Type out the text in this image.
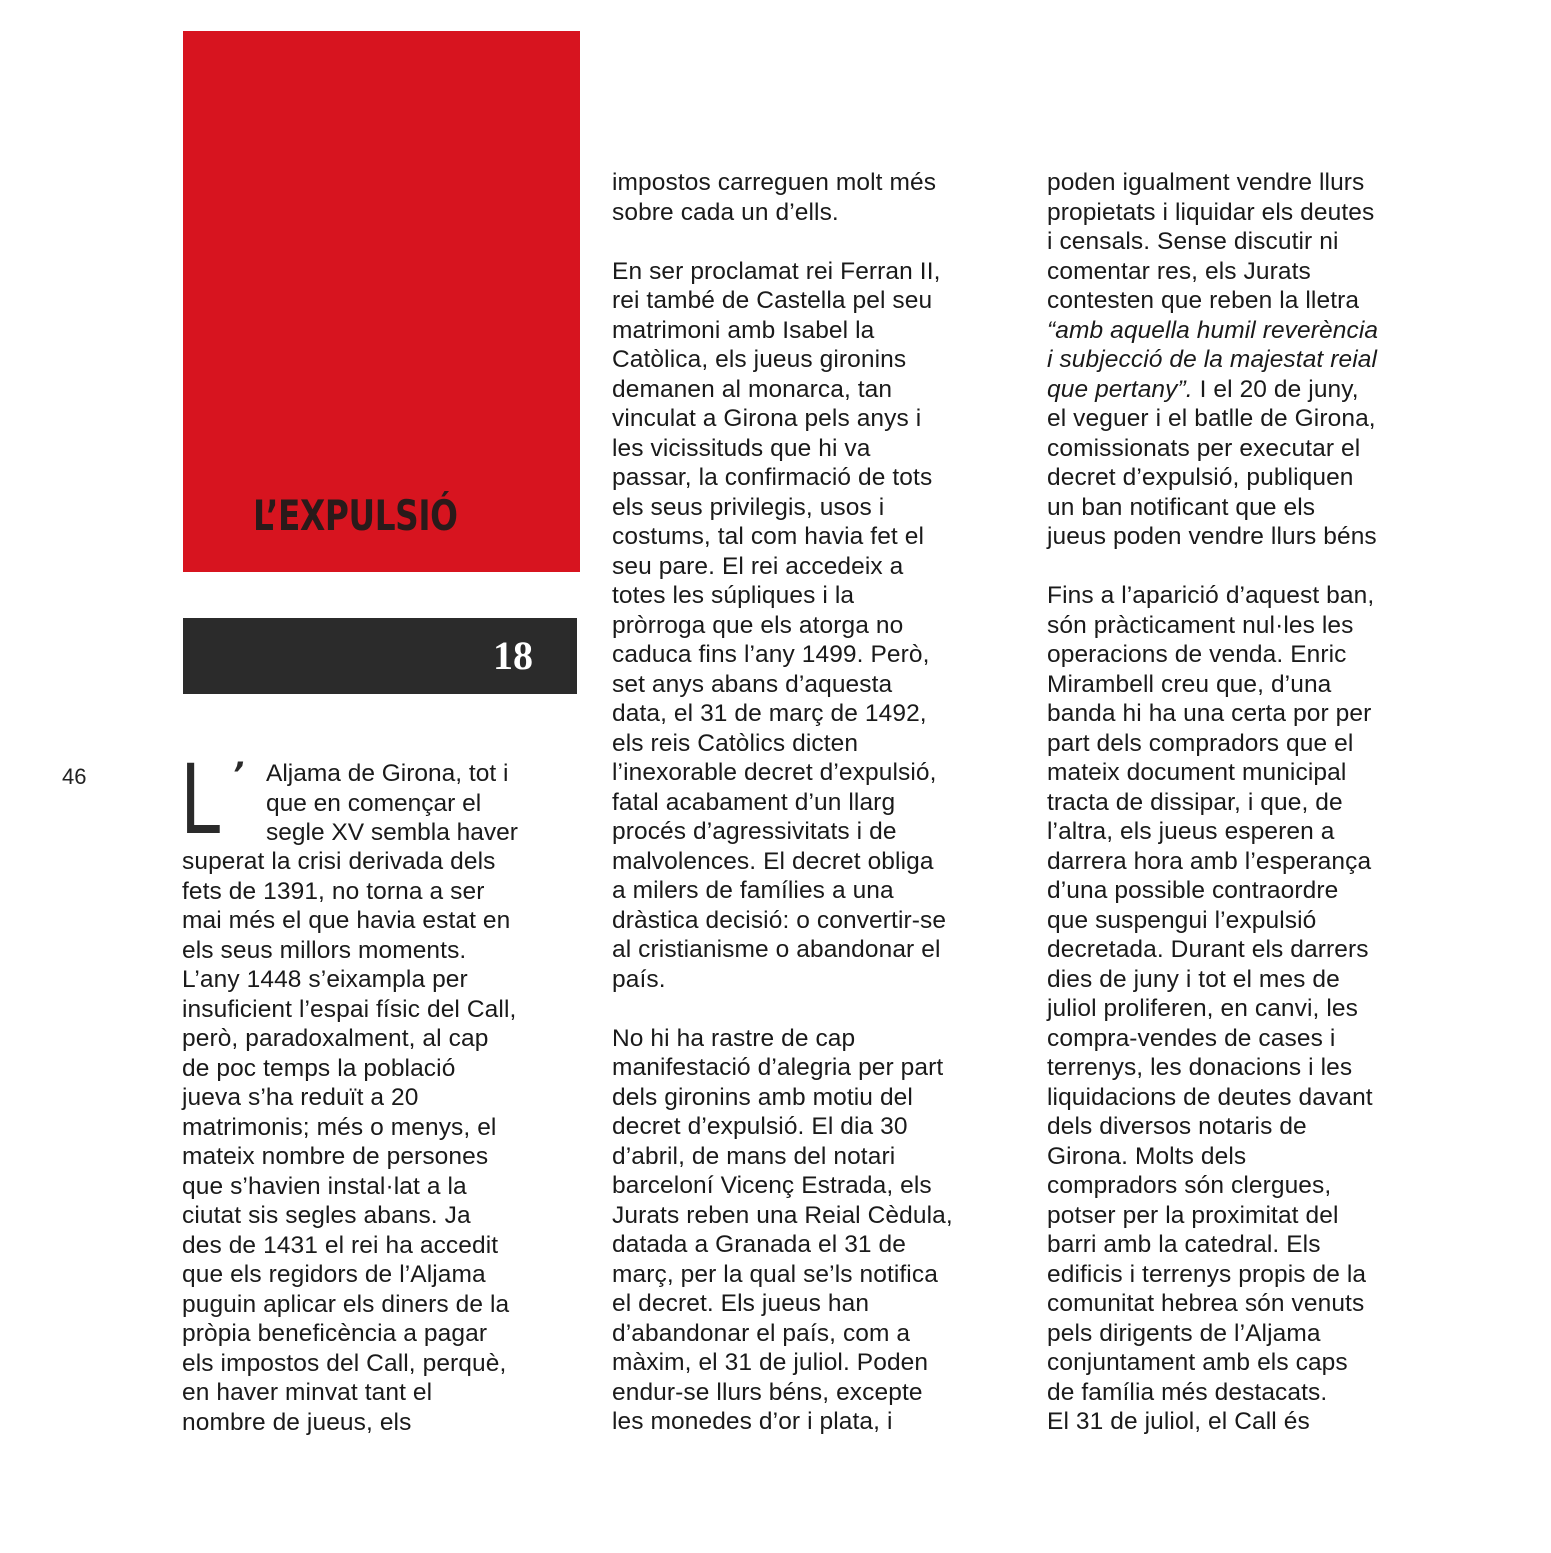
L’EXPULSIÓ
18
46 L ’ Aljama de Girona, tot i
que en començar el
segle XV sembla haver
superat la crisi derivada dels
fets de 1391, no torna a ser
mai més el que havia estat en
els seus millors moments.
L’any 1448 s’eixampla per
insuficient l’espai físic del Call,
però, paradoxalment, al cap
de poc temps la població
jueva s’ha reduït a 20
matrimonis; més o menys, el
mateix nombre de persones
que s’havien instal·lat a la
ciutat sis segles abans. Ja
des de 1431 el rei ha accedit
que els regidors de l’Aljama
puguin aplicar els diners de la
pròpia beneficència a pagar
els impostos del Call, perquè,
en haver minvat tant el
nombre de jueus, els
impostos carreguen molt més
sobre cada un d’ells.
En ser proclamat rei Ferran II,
rei també de Castella pel seu
matrimoni amb Isabel la
Catòlica, els jueus gironins
demanen al monarca, tan
vinculat a Girona pels anys i
les vicissituds que hi va
passar, la confirmació de tots
els seus privilegis, usos i
costums, tal com havia fet el
seu pare. El rei accedeix a
totes les súpliques i la
pròrroga que els atorga no
caduca fins l’any 1499. Però,
set anys abans d’aquesta
data, el 31 de març de 1492,
els reis Catòlics dicten
l’inexorable decret d’expulsió,
fatal acabament d’un llarg
procés d’agressivitats i de
malvolences. El decret obliga
a milers de famílies a una
dràstica decisió: o convertir-se
al cristianisme o abandonar el
país.
No hi ha rastre de cap
manifestació d’alegria per part
dels gironins amb motiu del
decret d’expulsió. El dia 30
d’abril, de mans del notari
barceloní Vicenç Estrada, els
Jurats reben una Reial Cèdula,
datada a Granada el 31 de
març, per la qual se’ls notifica
el decret. Els jueus han
d’abandonar el país, com a
màxim, el 31 de juliol. Poden
endur-se llurs béns, excepte
les monedes d’or i plata, i
poden igualment vendre llurs
propietats i liquidar els deutes
i censals. Sense discutir ni
comentar res, els Jurats
contesten que reben la lletra
“amb aquella humil reverència
i subjecció de la majestat reial
que pertany”. I el 20 de juny,
el veguer i el batlle de Girona,
comissionats per executar el
decret d’expulsió, publiquen
un ban notificant que els
jueus poden vendre llurs béns
Fins a l’aparició d’aquest ban,
són pràcticament nul·les les
operacions de venda. Enric
Mirambell creu que, d’una
banda hi ha una certa por per
part dels compradors que el
mateix document municipal
tracta de dissipar, i que, de
l’altra, els jueus esperen a
darrera hora amb l’esperança
d’una possible contraordre
que suspengui l’expulsió
decretada. Durant els darrers
dies de juny i tot el mes de
juliol proliferen, en canvi, les
compra-vendes de cases i
terrenys, les donacions i les
liquidacions de deutes davant
dels diversos notaris de
Girona. Molts dels
compradors són clergues,
potser per la proximitat del
barri amb la catedral. Els
edificis i terrenys propis de la
comunitat hebrea són venuts
pels dirigents de l’Aljama
conjuntament amb els caps
de família més destacats.
El 31 de juliol, el Call és
